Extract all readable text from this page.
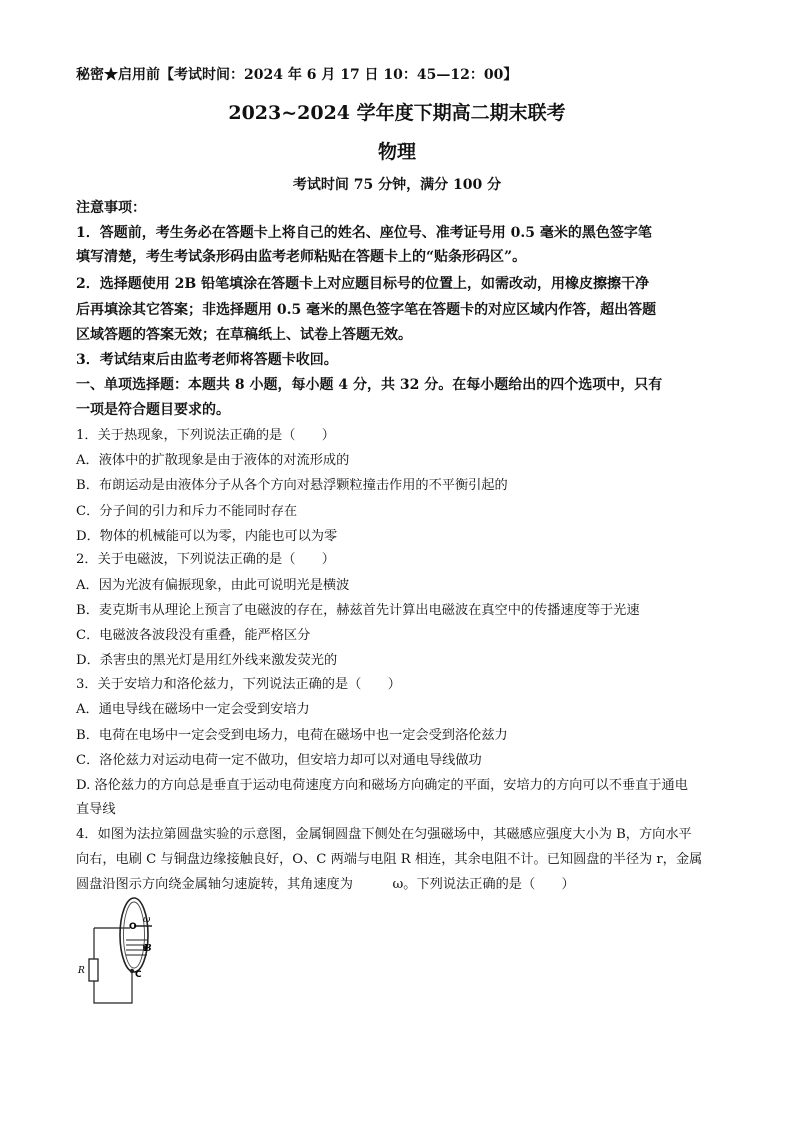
秘密★启用前【考试时间：2024 年 6 月 17 日 10：45—12：00】
2023~2024 学年度下期高二期末联考
物理
考试时间 75 分钟，满分 100 分
注意事项：
1．答题前，考生务必在答题卡上将自己的姓名、座位号、准考证号用 0.5 毫米的黑色签字笔
填写清楚，考生考试条形码由监考老师粘贴在答题卡上的“贴条形码区”。
2．选择题使用 2B 铅笔填涂在答题卡上对应题目标号的位置上，如需改动，用橡皮擦擦干净
后再填涂其它答案；非选择题用 0.5 毫米的黑色签字笔在答题卡的对应区域内作答，超出答题
区域答题的答案无效；在草稿纸上、试卷上答题无效。
3．考试结束后由监考老师将答题卡收回。
一、单项选择题：本题共 8 小题，每小题 4 分，共 32 分。在每小题给出的四个选项中，只有
一项是符合题目要求的。
1．关于热现象，下列说法正确的是（　　）
A．液体中的扩散现象是由于液体的对流形成的
B．布朗运动是由液体分子从各个方向对悬浮颗粒撞击作用的不平衡引起的
C．分子间的引力和斥力不能同时存在
D．物体的机械能可以为零，内能也可以为零
2．关于电磁波，下列说法正确的是（　　）
A．因为光波有偏振现象，由此可说明光是横波
B．麦克斯韦从理论上预言了电磁波的存在，赫兹首先计算出电磁波在真空中的传播速度等于光速
C．电磁波各波段没有重叠，能严格区分
D．杀害虫的黑光灯是用红外线来激发荧光的
3．关于安培力和洛伦兹力，下列说法正确的是（　　）
A．通电导线在磁场中一定会受到安培力
B．电荷在电场中一定会受到电场力，电荷在磁场中也一定会受到洛伦兹力
C．洛伦兹力对运动电荷一定不做功，但安培力却可以对通电导线做功
D. 洛伦兹力的方向总是垂直于运动电荷速度方向和磁场方向确定的平面，安培力的方向可以不垂直于通电
直导线
4．如图为法拉第圆盘实验的示意图，金属铜圆盘下侧处在匀强磁场中，其磁感应强度大小为 B，方向水平
向右，电刷 C 与铜盘边缘接触良好，O、C 两端与电阻 R 相连，其余电阻不计。已知圆盘的半径为 r，金属
圆盘沿图示方向绕金属轴匀速旋转，其角速度为　　　ω。下列说法正确的是（　　）
O
ω
B
R	C
